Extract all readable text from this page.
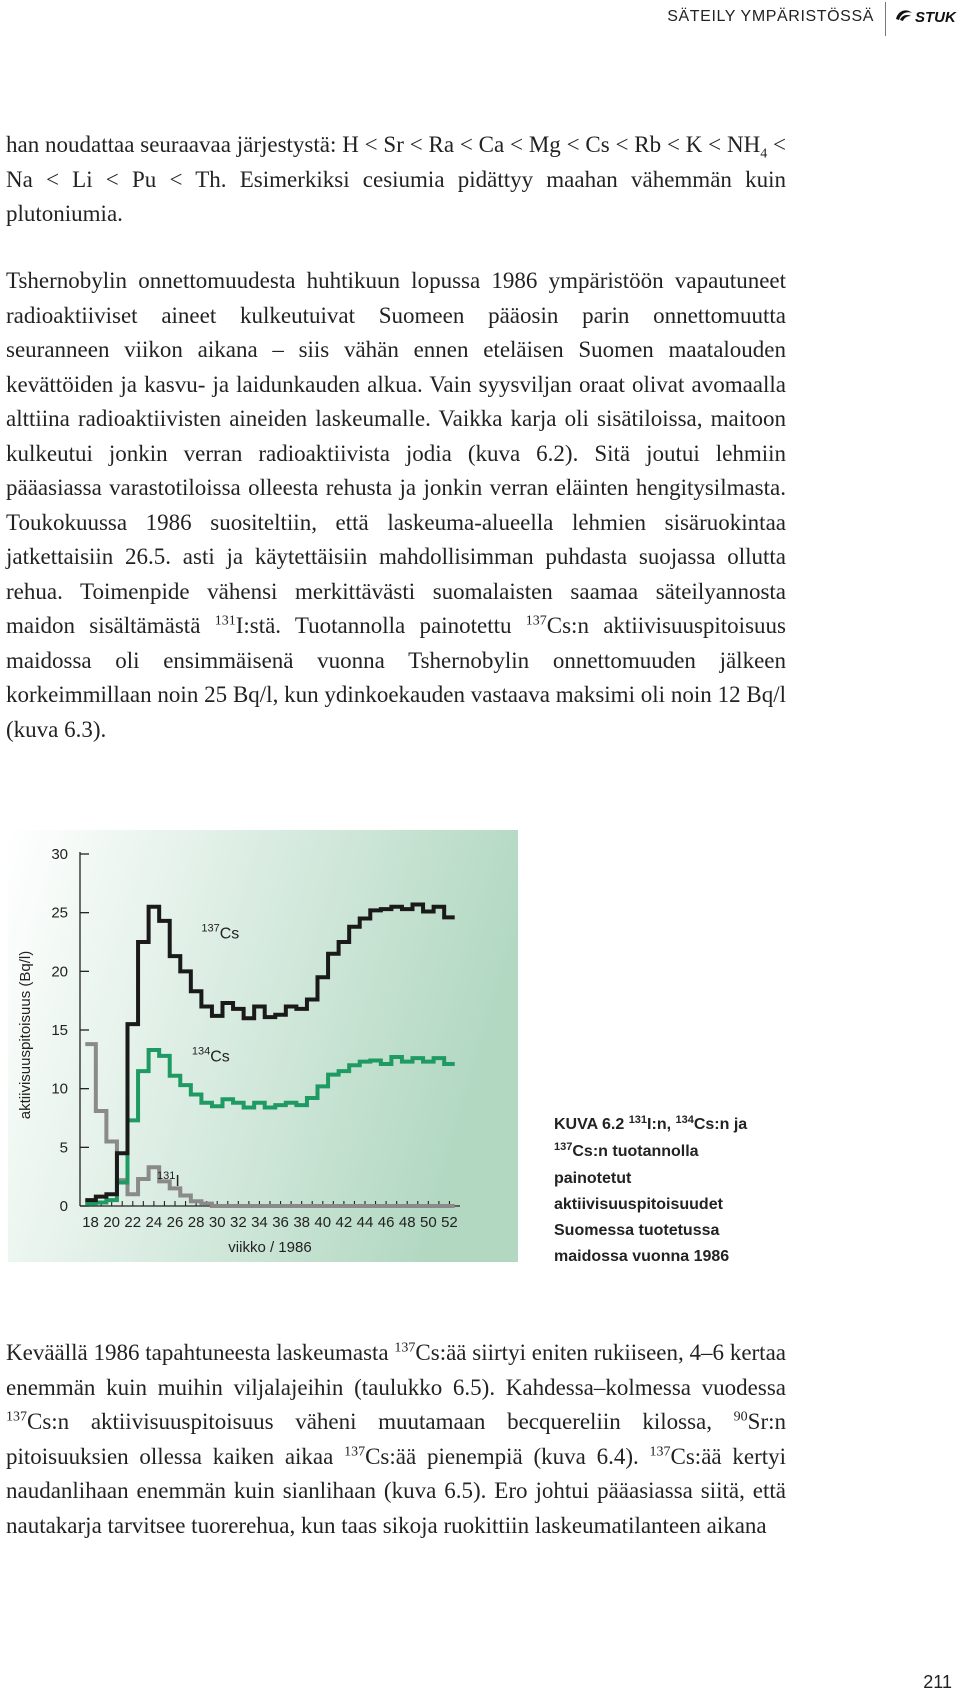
SÄTEILY YMPÄRISTÖSSÄ	STUK

han noudattaa seuraavaa järjestystä: $H < Sr < Ra < Ca < Mg < Cs < Rb < K < NH_4 < Na < Li < Pu < Th$. Esimerkiksi cesiumia pidättyy maahan vähemmän kuin plutoniumia.

Tshernobylin onnettomuudesta huhtikuun lopussa 1986 ympäristöön vapautuneet radioaktiiviset aineet kulkeutuivat Suomeen pääosin parin onnettomuutta seuranneen viikon aikana – siis vähän ennen eteläisen Suomen maatalouden kevättöiden ja kasvu- ja laidunkauden alkua. Vain syysviljan oraat olivat avomaalla alttiina radioaktiivisten aineiden laskeumalle. Vaikka karja oli sisätiloissa, maitoon kulkeutui jonkin verran radioaktiivista jodia (kuva 6.2). Sitä joutui lehmiin pääasiassa varastotiloissa olleesta rehusta ja jonkin verran eläinten hengitysilmasta. Toukokuussa 1986 suositeltiin, että laskeuma-alueella lehmien sisäruokintaa jatkettaisiin 26.5. asti ja käytettäisiin mahdollisimman puhdasta suojassa ollutta rehua. Toimenpide vähensi merkittävästi suomalaisten saamaa säteilyannosta maidon sisältämästä $^{131}$I:stä. Tuotannolla painotettu $^{137}$Cs:n aktiivisuuspitoisuus maidossa oli ensimmäisenä vuonna Tshernobylin onnettomuuden jälkeen korkeimmillaan noin 25 Bq/l, kun ydinkoekauden vastaava maksimi oli noin 12 Bq/l (kuva 6.3).

0
5
10
15
20
25
30
18 20 22 24 26 28 30 32 34 36 38 40 42 44 46 48 50 52
$^{137}$Cs
$^{134}$Cs
$^{131}$I
viikko / 1986
aktiivisuuspitoisuus (Bq/l)
KUVA 6.2 $^{131}$I:n, $^{134}$Cs:n ja $^{137}$Cs:n tuotannolla painotetut aktiivisuuspitoisuudet Suomessa tuotetussa maidossa vuonna 1986

Keväällä 1986 tapahtuneesta laskeumasta $^{137}$Cs:ää siirtyi eniten rukiiseen, 4–6 kertaa enemmän kuin muihin viljalajeihin (taulukko 6.5). Kahdessa–kolmessa vuodessa $^{137}$Cs:n aktiivisuuspitoisuus väheni muutamaan becquereliin kilossa, $^{90}$Sr:n pitoisuuksien ollessa kaiken aikaa $^{137}$Cs:ää pienempiä (kuva 6.4). $^{137}$Cs:ää kertyi naudanlihaan enemmän kuin sianlihaan (kuva 6.5). Ero johtui pääasiassa siitä, että nautakarja tarvitsee tuorerehua, kun taas sikoja ruokittiin laskeumatilanteen aikana

211
